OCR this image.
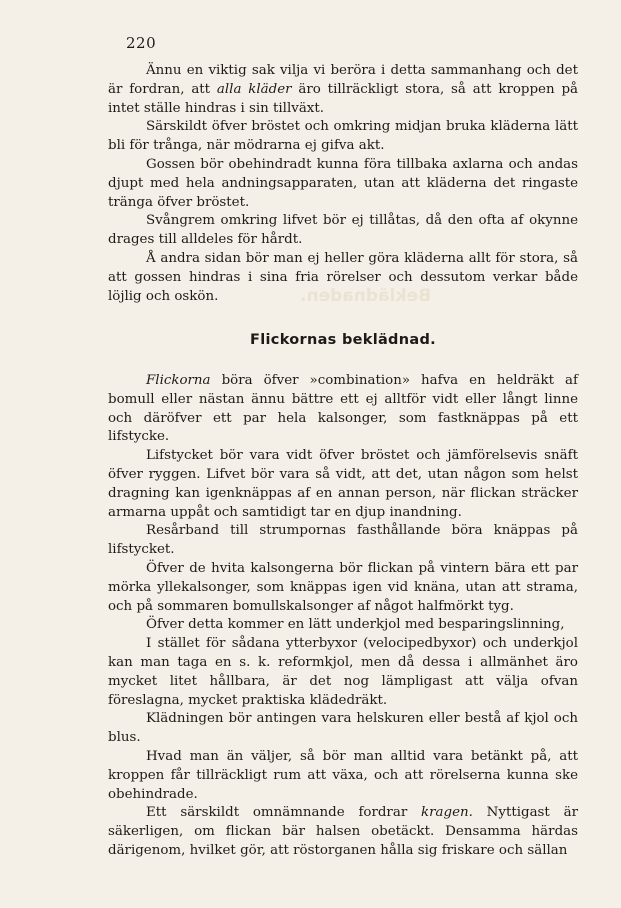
Beklädnaden.
220

Ännu en viktig sak vilja vi beröra i detta sammanhang och det är fordran, att alla kläder äro tillräckligt stora, så att kroppen på intet ställe hindras i sin tillväxt.

Särskildt öfver bröstet och omkring midjan bruka kläderna lätt bli för trånga, när mödrarna ej gifva akt.

Gossen bör obehindradt kunna föra tillbaka axlarna och andas djupt med hela andningsapparaten, utan att kläderna det ringaste tränga öfver bröstet.

Svångrem omkring lifvet bör ej tillåtas, då den ofta af okynne drages till alldeles för hårdt.

Å andra sidan bör man ej heller göra kläderna allt för stora, så att gossen hindras i sina fria rörelser och dessutom verkar både löjlig och oskön.

Flickornas beklädnad.

Flickorna böra öfver »combination» hafva en heldräkt af bomull eller nästan ännu bättre ett ej alltför vidt eller långt linne och däröfver ett par hela kalsonger, som fastknäppas på ett lifstycke.

Lifstycket bör vara vidt öfver bröstet och jämförelsevis snäft öfver ryggen. Lifvet bör vara så vidt, att det, utan någon som helst dragning kan igenknäppas af en annan person, när flickan sträcker armarna uppåt och samtidigt tar en djup inandning.

Resårband till strumpornas fasthållande böra knäppas på lifstycket.

Öfver de hvita kalsongerna bör flickan på vintern bära ett par mörka yllekalsonger, som knäppas igen vid knäna, utan att strama, och på sommaren bomullskalsonger af något halfmörkt tyg.

Öfver detta kommer en lätt underkjol med besparingslinning,

I stället för sådana ytterbyxor (velocipedbyxor) och underkjol kan man taga en s. k. reformkjol, men då dessa i allmänhet äro mycket litet hållbara, är det nog lämpligast att välja ofvan föreslagna, mycket praktiska klädedräkt.

Klädningen bör antingen vara helskuren eller bestå af kjol och blus.

Hvad man än väljer, så bör man alltid vara betänkt på, att kroppen får tillräckligt rum att växa, och att rörelserna kunna ske obehindrade.

Ett särskildt omnämnande fordrar kragen. Nyttigast är säkerligen, om flickan bär halsen obetäckt. Densamma härdas därigenom, hvilket gör, att röstorganen hålla sig friskare och sällan
